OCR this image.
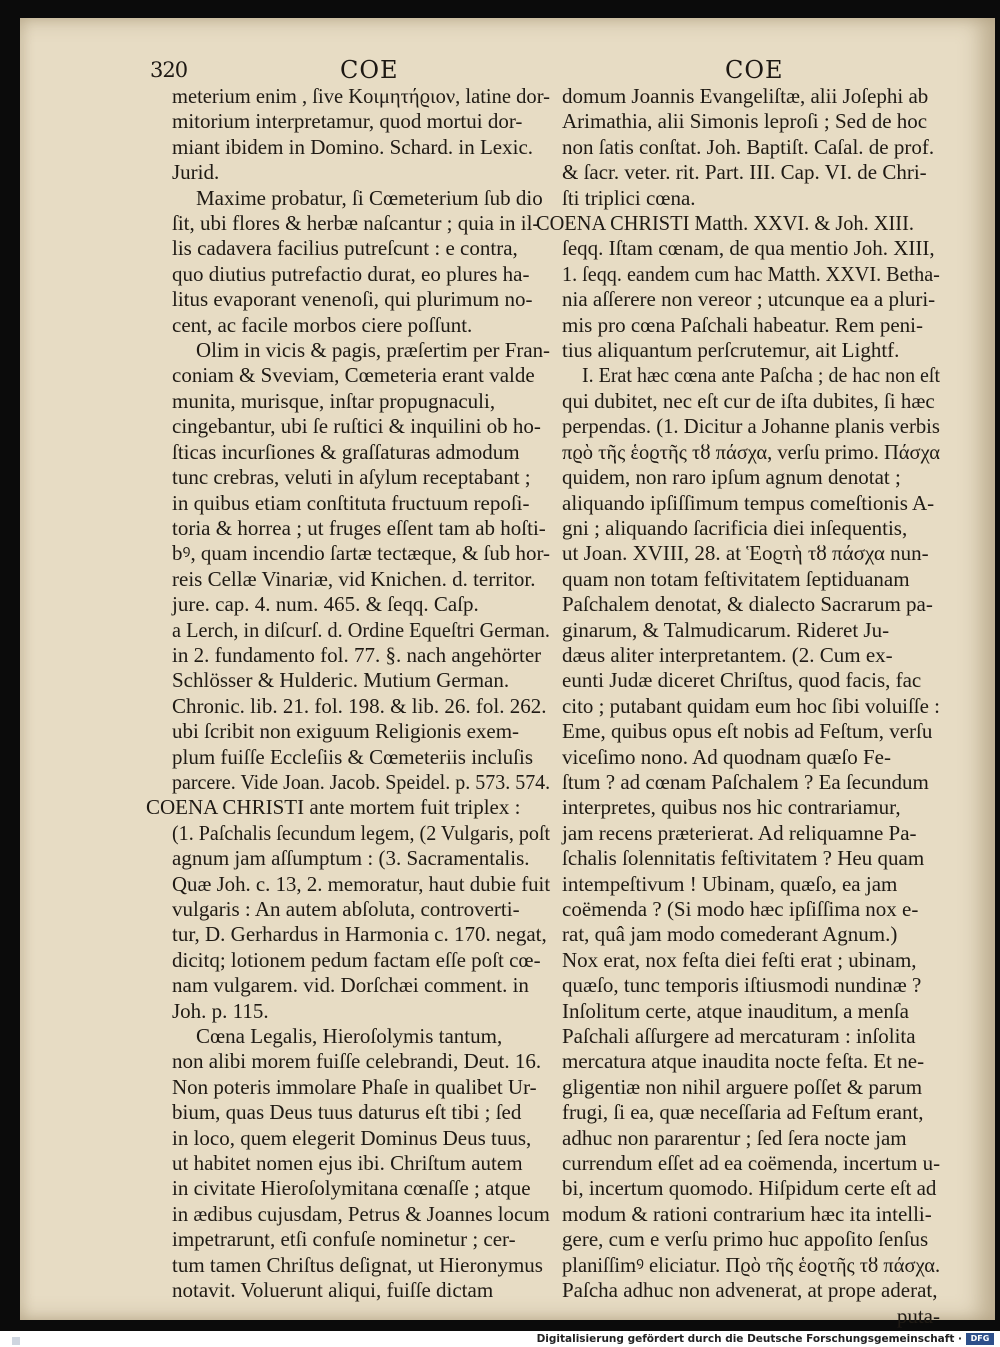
320	COE	COE
meterium enim , ſive Κοιμητήϱιον, latine dor-
mitorium interpretamur, quod mortui dor-
miant ibidem in Domino. Schard. in Lexic.
Jurid.
Maxime probatur, ſi Cœmeterium ſub dio
ſit, ubi flores & herbæ naſcantur ; quia in il-
lis cadavera facilius putreſcunt : e contra,
quo diutius putrefactio durat, eo plures ha-
litus evaporant venenoſi, qui plurimum no-
cent, ac facile morbos ciere poſſunt.
Olim in vicis & pagis, præſertim per Fran-
coniam & Sveviam, Cœmeteria erant valde
munita, murisque, inſtar propugnaculi,
cingebantur, ubi ſe ruſtici & inquilini ob ho-
ſticas incurſiones & graſſaturas admodum
tunc crebras, veluti in aſylum receptabant ;
in quibus etiam conſtituta fructuum repoſi-
toria & horrea ; ut fruges eſſent tam ab hoſti-
bꝰ, quam incendio ſartæ tectæque, & ſub hor-
reis Cellæ Vinariæ, vid Knichen. d. territor.
jure. cap. 4. num. 465. & ſeqq. Caſp.
a Lerch, in diſcurſ. d. Ordine Equeſtri German.
in 2. fundamento fol. 77. §. nach angehörter
Schlösser & Hulderic. Mutium German.
Chronic. lib. 21. fol. 198. & lib. 26. fol. 262.
ubi ſcribit non exiguum Religionis exem-
plum fuiſſe Eccleſiis & Cœmeteriis incluſis
parcere. Vide Joan. Jacob. Speidel. p. 573. 574.
COENA CHRISTI ante mortem fuit triplex :
(1. Paſchalis ſecundum legem, (2 Vulgaris, poſt
agnum jam aſſumptum : (3. Sacramentalis.
Quæ Joh. c. 13, 2. memoratur, haut dubie fuit
vulgaris : An autem abſoluta, controverti-
tur, D. Gerhardus in Harmonia c. 170. negat,
dicitq; lotionem pedum factam eſſe poſt cœ-
nam vulgarem. vid. Dorſchæi comment. in
Joh. p. 115.
Cœna Legalis, Hieroſolymis tantum,
non alibi morem fuiſſe celebrandi, Deut. 16.
Non poteris immolare Phaſe in qualibet Ur-
bium, quas Deus tuus daturus eſt tibi ; ſed
in loco, quem elegerit Dominus Deus tuus,
ut habitet nomen ejus ibi. Chriſtum autem
in civitate Hieroſolymitana cœnaſſe ; atque
in ædibus cujusdam, Petrus & Joannes locum
impetrarunt, etſi confuſe nominetur ; cer-
tum tamen Chriſtus deſignat, ut Hieronymus
notavit. Voluerunt aliqui, fuiſſe dictam
domum Joannis Evangeliſtæ, alii Joſephi ab
Arimathia, alii Simonis leproſi ; Sed de hoc
non ſatis conſtat. Joh. Baptiſt. Caſal. de prof.
& ſacr. veter. rit. Part. III. Cap. VI. de Chri-
ſti triplici cœna.
COENA CHRISTI Matth. XXVI. & Joh. XIII.
ſeqq. Iſtam cœnam, de qua mentio Joh. XIII,
1. ſeqq. eandem cum hac Matth. XXVI. Betha-
nia aſſerere non vereor ; utcunque ea a pluri-
mis pro cœna Paſchali habeatur. Rem peni-
tius aliquantum perſcrutemur, ait Lightf.
I. Erat hæc cœna ante Paſcha ; de hac non eſt
qui dubitet, nec eſt cur de iſta dubites, ſi hæc
perpendas. (1. Dicitur a Johanne planis verbis
πϱὸ τῆς ἑοϱτῆς τȣ πάσχα, verſu primo. Πάσχα
quidem, non raro ipſum agnum denotat ;
aliquando ipſiſſimum tempus comeſtionis A-
gni ; aliquando ſacrificia diei inſequentis,
ut Joan. XVIII, 28. at Ἑοϱτὴ τȣ πάσχα nun-
quam non totam feſtivitatem ſeptiduanam
Paſchalem denotat, & dialecto Sacrarum pa-
ginarum, & Talmudicarum. Rideret Ju-
dæus aliter interpretantem. (2. Cum ex-
eunti Judæ diceret Chriſtus, quod facis, fac
cito ; putabant quidam eum hoc ſibi voluiſſe :
Eme, quibus opus eſt nobis ad Feſtum, verſu
viceſimo nono. Ad quodnam quæſo Fe-
ſtum ? ad cœnam Paſchalem ? Ea ſecundum
interpretes, quibus nos hic contrariamur,
jam recens præterierat. Ad reliquamne Pa-
ſchalis ſolennitatis feſtivitatem ? Heu quam
intempeſtivum ! Ubinam, quæſo, ea jam
coëmenda ? (Si modo hæc ipſiſſima nox e-
rat, quâ jam modo comederant Agnum.)
Nox erat, nox feſta diei feſti erat ; ubinam,
quæſo, tunc temporis iſtiusmodi nundinæ ?
Inſolitum certe, atque inauditum, a menſa
Paſchali aſſurgere ad mercaturam : inſolita
mercatura atque inaudita nocte feſta. Et ne-
gligentiæ non nihil arguere poſſet & parum
frugi, ſi ea, quæ neceſſaria ad Feſtum erant,
adhuc non pararentur ; ſed ſera nocte jam
currendum eſſet ad ea coëmenda, incertum u-
bi, incertum quomodo. Hiſpidum certe eſt ad
modum & rationi contrarium hæc ita intelli-
gere, cum e verſu primo huc appoſito ſenſus
planiſſimꝰ eliciatur. Πϱὸ τῆς ἑοϱτῆς τȣ πάσχα.
Paſcha adhuc non advenerat, at prope aderat,
puta-
Digitalisierung gefördert durch die Deutsche Forschungsgemeinschaft ·	DFG
